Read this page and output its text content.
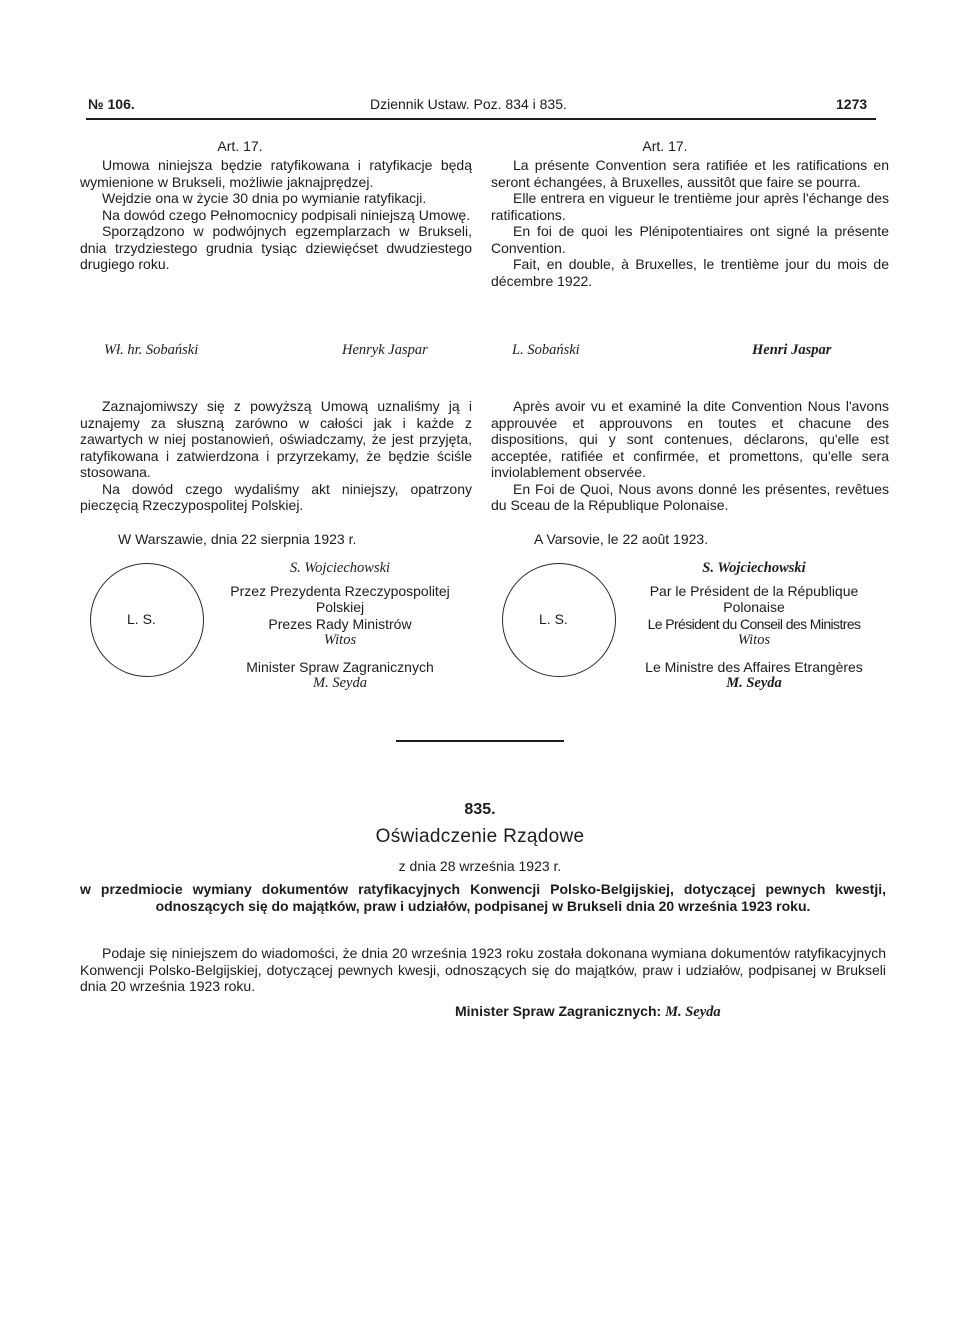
№ 106.	Dziennik Ustaw. Poz. 834 i 835.	1273
Art. 17.

Umowa niniejsza będzie ratyfikowana i ratyfikacje będą wymienione w Brukseli, możliwie jaknajprędzej.

Wejdzie ona w życie 30 dnia po wymianie ratyfikacji.

Na dowód czego Pełnomocnicy podpisali niniejszą Umowę.

Sporządzono w podwójnych egzemplarzach w Brukseli, dnia trzydziestego grudnia tysiąc dziewięćset dwudziestego drugiego roku.

Wł. hr. Sobański	Henryk Jaspar
Art. 17.

La présente Convention sera ratifiée et les ratifications en seront échangées, à Bruxelles, aussitôt que faire se pourra.

Elle entrera en vigueur le trentième jour après l'échange des ratifications.

En foi de quoi les Plénipotentiaires ont signé la présente Convention.

Fait, en double, à Bruxelles, le trentième jour du mois de décembre 1922.

L. Sobański	Henri Jaspar

Zaznajomiwszy się z powyższą Umową uznaliśmy ją i uznajemy za słuszną zarówno w całości jak i każde z zawartych w niej postanowień, oświadczamy, że jest przyjęta, ratyfikowana i zatwierdzona i przyrzekamy, że będzie ściśle stosowana.

Na dowód czego wydaliśmy akt niniejszy, opatrzony pieczęcią Rzeczypospolitej Polskiej.

W Warszawie, dnia 22 sierpnia 1923 r.
L. S.
S. Wojciechowski
Przez Prezydenta Rzeczypospolitej
Polskiej
Prezes Rady Ministrów
Witos
Minister Spraw Zagranicznych
M. Seyda

Après avoir vu et examiné la dite Convention Nous l'avons approuvée et approuvons en toutes et chacune des dispositions, qui y sont contenues, déclarons, qu'elle est acceptée, ratifiée et confirmée, et promettons, qu'elle sera inviolablement observée.

En Foi de Quoi, Nous avons donné les présentes, revêtues du Sceau de la République Polonaise.

A Varsovie, le 22 août 1923.
L. S.
S. Wojciechowski
Par le Président de la République
Polonaise
Le Président du Conseil des Ministres
Witos
Le Ministre des Affaires Etrangères
M. Seyda
835.
Oświadczenie Rządowe
z dnia 28 września 1923 r.
w przedmiocie wymiany dokumentów ratyfikacyjnych Konwencji Polsko-Belgijskiej, dotyczącej pewnych kwestji, odnoszących się do majątków, praw i udziałów, podpisanej w Brukseli dnia 20 września 1923 roku.
Podaje się niniejszem do wiadomości, że dnia 20 września 1923 roku została dokonana wymiana dokumentów ratyfikacyjnych Konwencji Polsko-Belgijskiej, dotyczącej pewnych kwesji, odnoszących się do majątków, praw i udziałów, podpisanej w Brukseli dnia 20 września 1923 roku.
Minister Spraw Zagranicznych: M. Seyda
